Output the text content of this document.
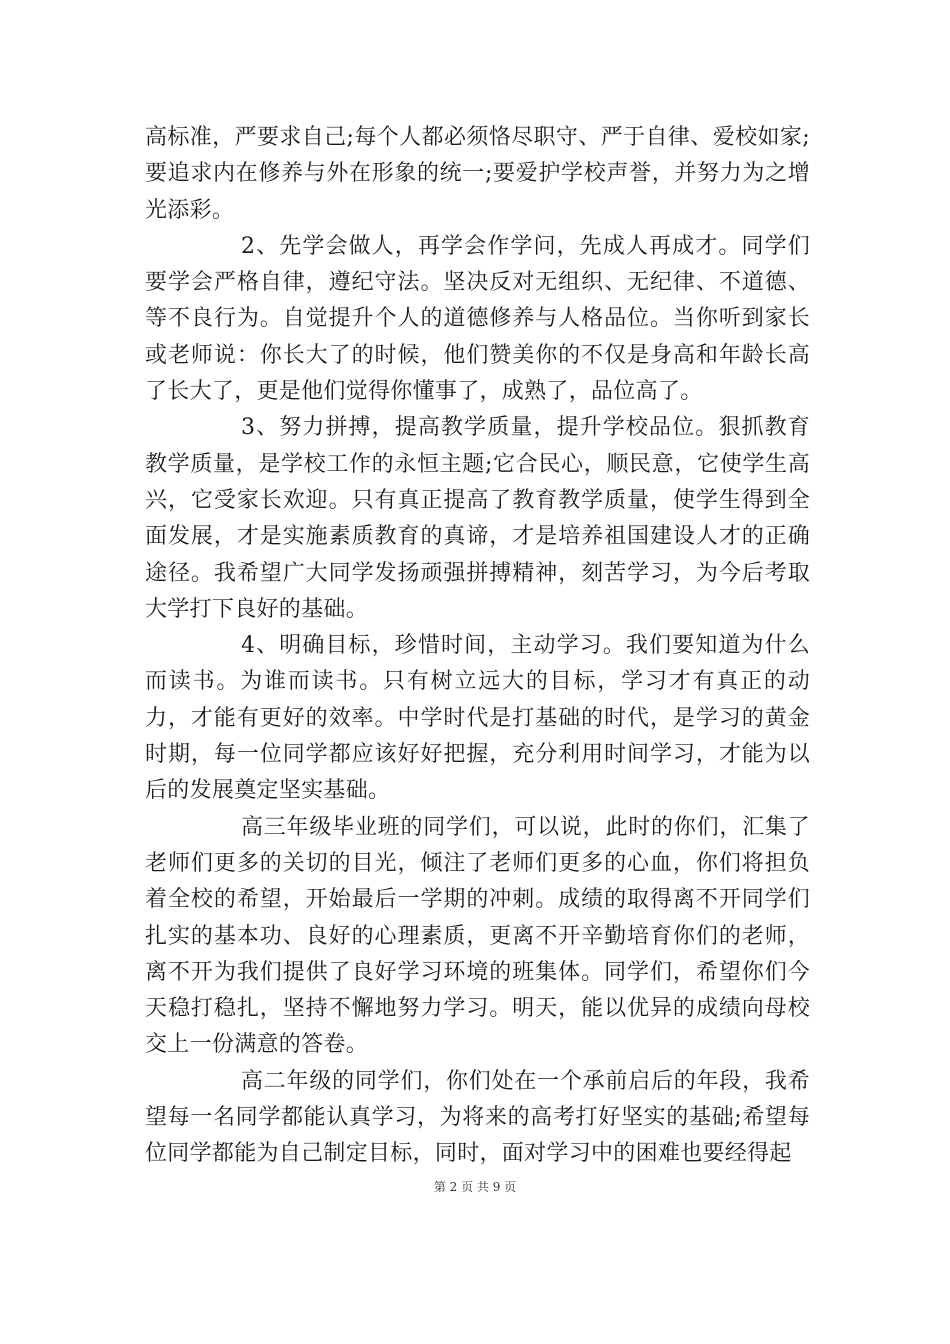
高标准，严要求自己;每个人都必须恪尽职守、严于自律、爱校如家;要追求内在修养与外在形象的统一;要爱护学校声誉，并努力为之增光添彩。

2、先学会做人，再学会作学问，先成人再成才。同学们要学会严格自律，遵纪守法。坚决反对无组织、无纪律、不道德、等不良行为。自觉提升个人的道德修养与人格品位。当你听到家长或老师说：你长大了的时候，他们赞美你的不仅是身高和年龄长高了长大了，更是他们觉得你懂事了，成熟了，品位高了。

3、努力拼搏，提高教学质量，提升学校品位。狠抓教育教学质量，是学校工作的永恒主题;它合民心，顺民意，它使学生高兴，它受家长欢迎。只有真正提高了教育教学质量，使学生得到全面发展，才是实施素质教育的真谛，才是培养祖国建设人才的正确途径。我希望广大同学发扬顽强拼搏精神，刻苦学习，为今后考取大学打下良好的基础。

4、明确目标，珍惜时间，主动学习。我们要知道为什么而读书。为谁而读书。只有树立远大的目标，学习才有真正的动力，才能有更好的效率。中学时代是打基础的时代，是学习的黄金时期，每一位同学都应该好好把握，充分利用时间学习，才能为以后的发展奠定坚实基础。

高三年级毕业班的同学们，可以说，此时的你们，汇集了老师们更多的关切的目光，倾注了老师们更多的心血，你们将担负着全校的希望，开始最后一学期的冲刺。成绩的取得离不开同学们扎实的基本功、良好的心理素质，更离不开辛勤培育你们的老师，离不开为我们提供了良好学习环境的班集体。同学们，希望你们今天稳打稳扎，坚持不懈地努力学习。明天，能以优异的成绩向母校交上一份满意的答卷。

高二年级的同学们，你们处在一个承前启后的年段，我希望每一名同学都能认真学习，为将来的高考打好坚实的基础;希望每位同学都能为自己制定目标，同时，面对学习中的困难也要经得起

第 2 页 共 9 页
